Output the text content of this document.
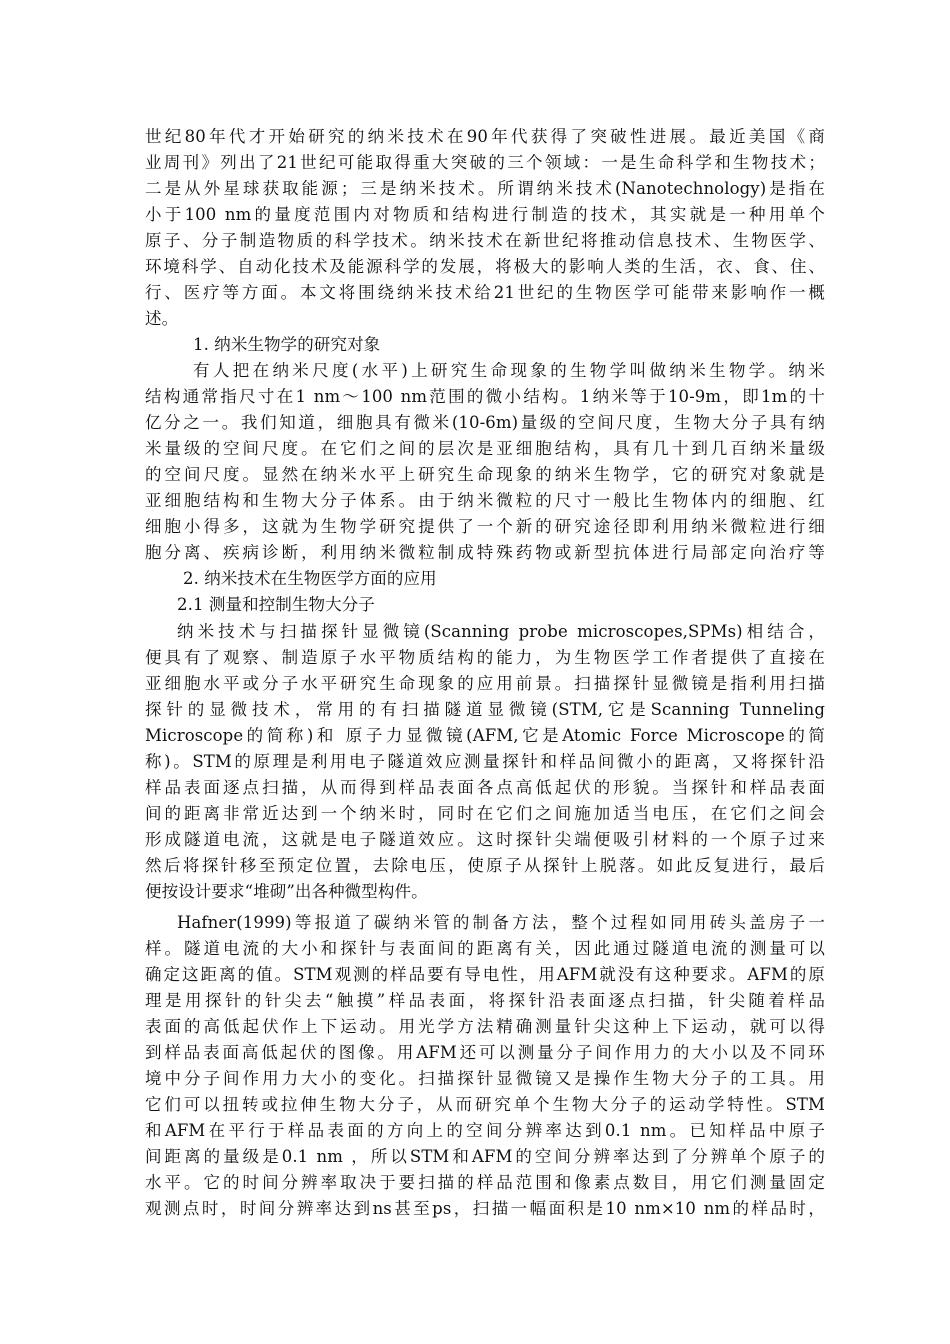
世纪80年代才开始研究的纳米技术在90年代获得了突破性进展。最近美国《商
业周刊》列出了21世纪可能取得重大突破的三个领域：一是生命科学和生物技术；
二是从外星球获取能源；三是纳米技术。所谓纳米技术(Nanotechnology)是指在
小于100 nm的量度范围内对物质和结构进行制造的技术，其实就是一种用单个
原子、分子制造物质的科学技术。纳米技术在新世纪将推动信息技术、生物医学、
环境科学、自动化技术及能源科学的发展，将极大的影响人类的生活，衣、食、住、
行、医疗等方面。本文将围绕纳米技术给21世纪的生物医学可能带来影响作一概
述。
1. 纳米生物学的研究对象
有人把在纳米尺度(水平)上研究生命现象的生物学叫做纳米生物学。纳米
结构通常指尺寸在1 nm～100 nm范围的微小结构。1纳米等于10-9m，即1m的十
亿分之一。我们知道，细胞具有微米(10-6m)量级的空间尺度，生物大分子具有纳
米量级的空间尺度。在它们之间的层次是亚细胞结构，具有几十到几百纳米量级
的空间尺度。显然在纳米水平上研究生命现象的纳米生物学，它的研究对象就是
亚细胞结构和生物大分子体系。由于纳米微粒的尺寸一般比生物体内的细胞、红
细胞小得多，这就为生物学研究提供了一个新的研究途径即利用纳米微粒进行细
胞分离、疾病诊断，利用纳米微粒制成特殊药物或新型抗体进行局部定向治疗等
2. 纳米技术在生物医学方面的应用
2.1 测量和控制生物大分子
纳米技术与扫描探针显微镜(Scanning probe microscopes,SPMs)相结合，
便具有了观察、制造原子水平物质结构的能力，为生物医学工作者提供了直接在
亚细胞水平或分子水平研究生命现象的应用前景。扫描探针显微镜是指利用扫描
探针的显微技术，常用的有扫描隧道显微镜(STM,它是Scanning Tunneling
Microscope的简称)和 原子力显微镜(AFM,它是Atomic Force Microscope的简
称)。STM的原理是利用电子隧道效应测量探针和样品间微小的距离，又将探针沿
样品表面逐点扫描，从而得到样品表面各点高低起伏的形貌。当探针和样品表面
间的距离非常近达到一个纳米时，同时在它们之间施加适当电压，在它们之间会
形成隧道电流，这就是电子隧道效应。这时探针尖端便吸引材料的一个原子过来
然后将探针移至预定位置，去除电压，使原子从探针上脱落。如此反复进行，最后
便按设计要求“堆砌”出各种微型构件。
Hafner(1999)等报道了碳纳米管的制备方法，整个过程如同用砖头盖房子一
样。隧道电流的大小和探针与表面间的距离有关，因此通过隧道电流的测量可以
确定这距离的值。STM观测的样品要有导电性，用AFM就没有这种要求。AFM的原
理是用探针的针尖去“触摸”样品表面，将探针沿表面逐点扫描，针尖随着样品
表面的高低起伏作上下运动。用光学方法精确测量针尖这种上下运动，就可以得
到样品表面高低起伏的图像。用AFM还可以测量分子间作用力的大小以及不同环
境中分子间作用力大小的变化。扫描探针显微镜又是操作生物大分子的工具。用
它们可以扭转或拉伸生物大分子，从而研究单个生物大分子的运动学特性。STM
和AFM在平行于样品表面的方向上的空间分辨率达到0.1 nm。已知样品中原子
间距离的量级是0.1 nm ，所以STM和AFM的空间分辨率达到了分辨单个原子的
水平。它的时间分辨率取决于要扫描的样品范围和像素点数目，用它们测量固定
观测点时，时间分辨率达到ns甚至ps，扫描一幅面积是10 nm×10 nm的样品时，
